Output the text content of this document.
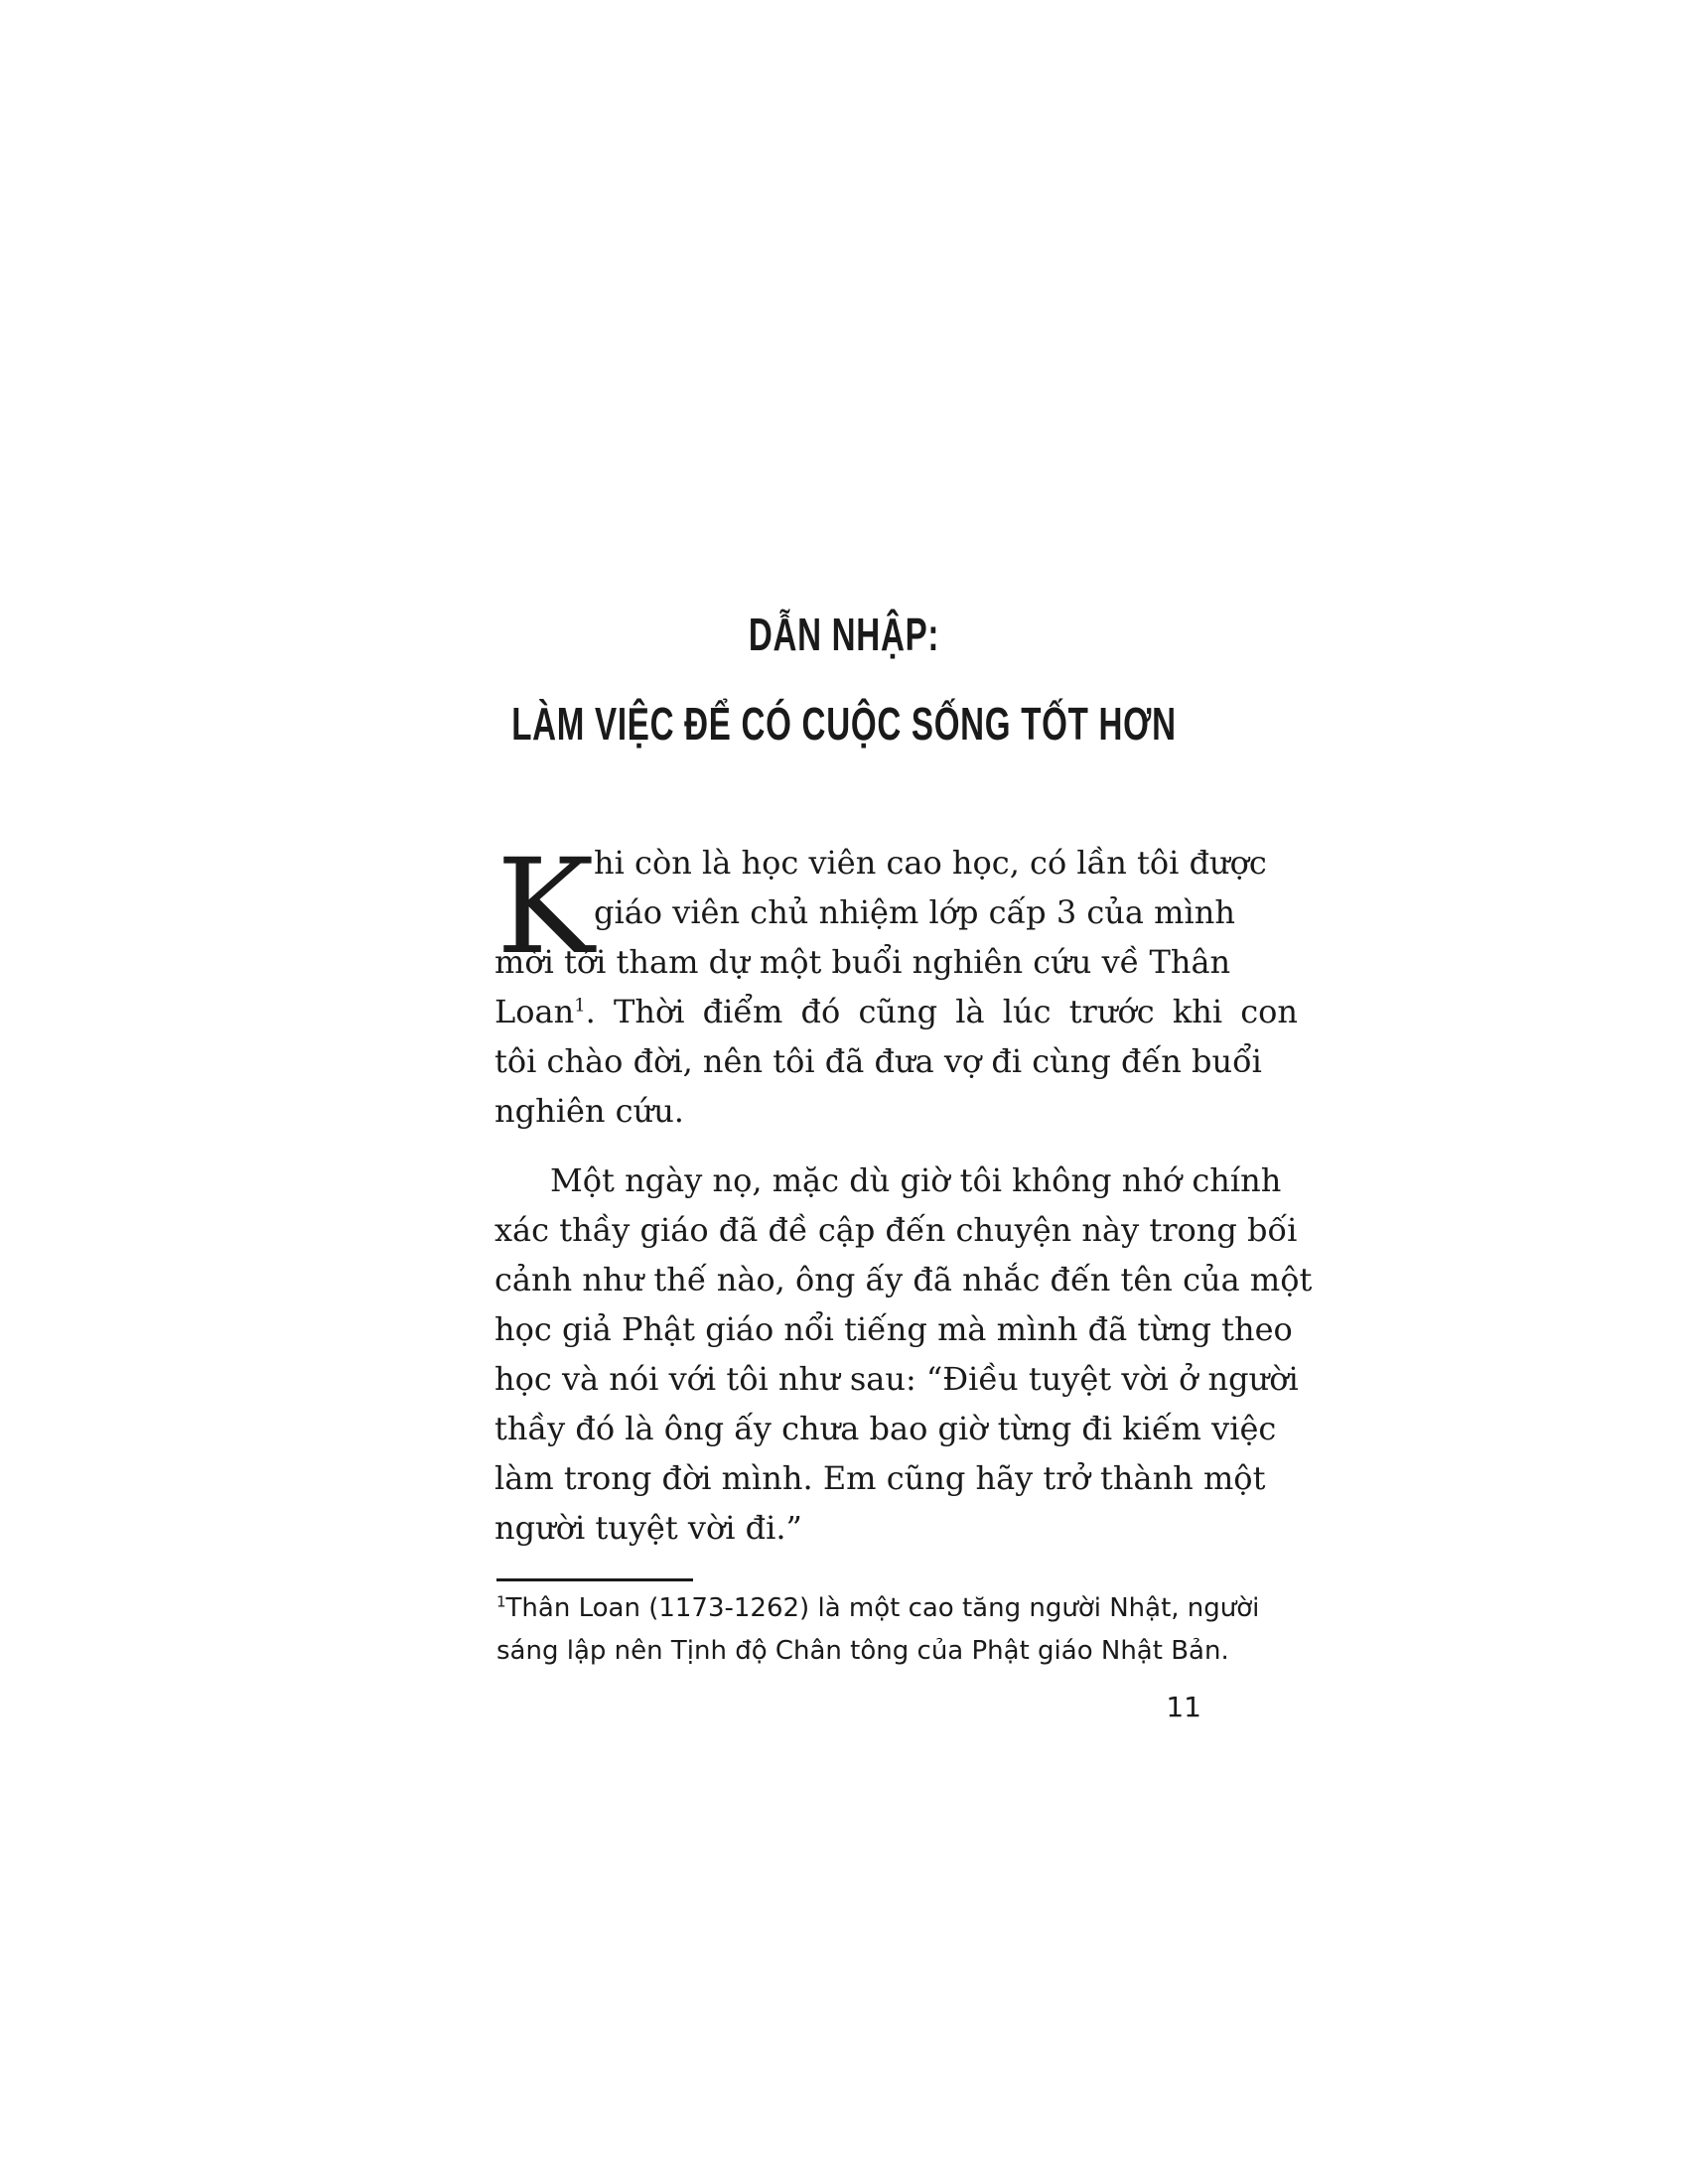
DẪN NHẬP:
LÀM VIỆC ĐỂ CÓ CUỘC SỐNG TỐT HƠN
K hi còn là học viên cao học, có lần tôi được
giáo viên chủ nhiệm lớp cấp 3 của mình
mời tới tham dự một buổi nghiên cứu về Thân
Loan$^1$. Thời điểm đó cũng là lúc trước khi con
tôi chào đời, nên tôi đã đưa vợ đi cùng đến buổi
nghiên cứu.
Một ngày nọ, mặc dù giờ tôi không nhớ chính
xác thầy giáo đã đề cập đến chuyện này trong bối
cảnh như thế nào, ông ấy đã nhắc đến tên của một
học giả Phật giáo nổi tiếng mà mình đã từng theo
học và nói với tôi như sau: “Điều tuyệt vời ở người
thầy đó là ông ấy chưa bao giờ từng đi kiếm việc
làm trong đời mình. Em cũng hãy trở thành một
người tuyệt vời đi.”
$^1$Thân Loan (1173-1262) là một cao tăng người Nhật, người
sáng lập nên Tịnh độ Chân tông của Phật giáo Nhật Bản.
11
